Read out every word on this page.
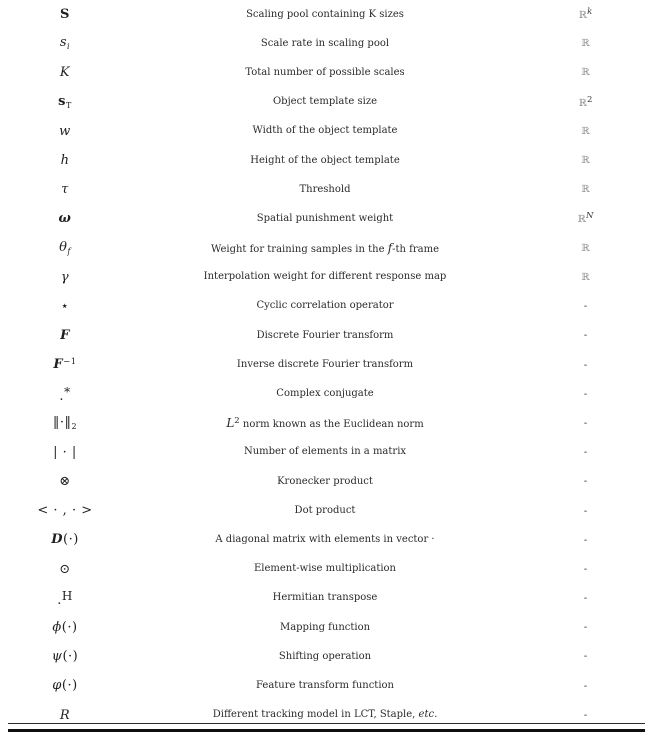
S	Scaling pool containing K sizes	ℝ$^k$
$s_i$	Scale rate in scaling pool	ℝ
K	Total number of possible scales	ℝ
$s_T$	Object template size	ℝ$^2$
w	Width of the object template	ℝ
h	Height of the object template	ℝ
τ	Threshold	ℝ
ω	Spatial punishment weight	ℝ$^N$
$\theta_f$	Weight for training samples in the f-th frame	ℝ
γ	Interpolation weight for different response map	ℝ
⋆	Cyclic correlation operator	-
F	Discrete Fourier transform	-
$F^{-1}$	Inverse discrete Fourier transform	-
.*	Complex conjugate	-
$‖\cdot‖_2$	$L^2$ norm known as the Euclidean norm	-
| · |	Number of elements in a matrix	-
⊗	Kronecker product	-
< · , · >	Dot product	-
D(·)	A diagonal matrix with elements in vector ·	-
⊙	Element-wise multiplication	-
.H	Hermitian transpose	-
ϕ(·)	Mapping function	-
ψ(·)	Shifting operation	-
φ(·)	Feature transform function	-
R	Different tracking model in LCT, Staple, etc.	-
